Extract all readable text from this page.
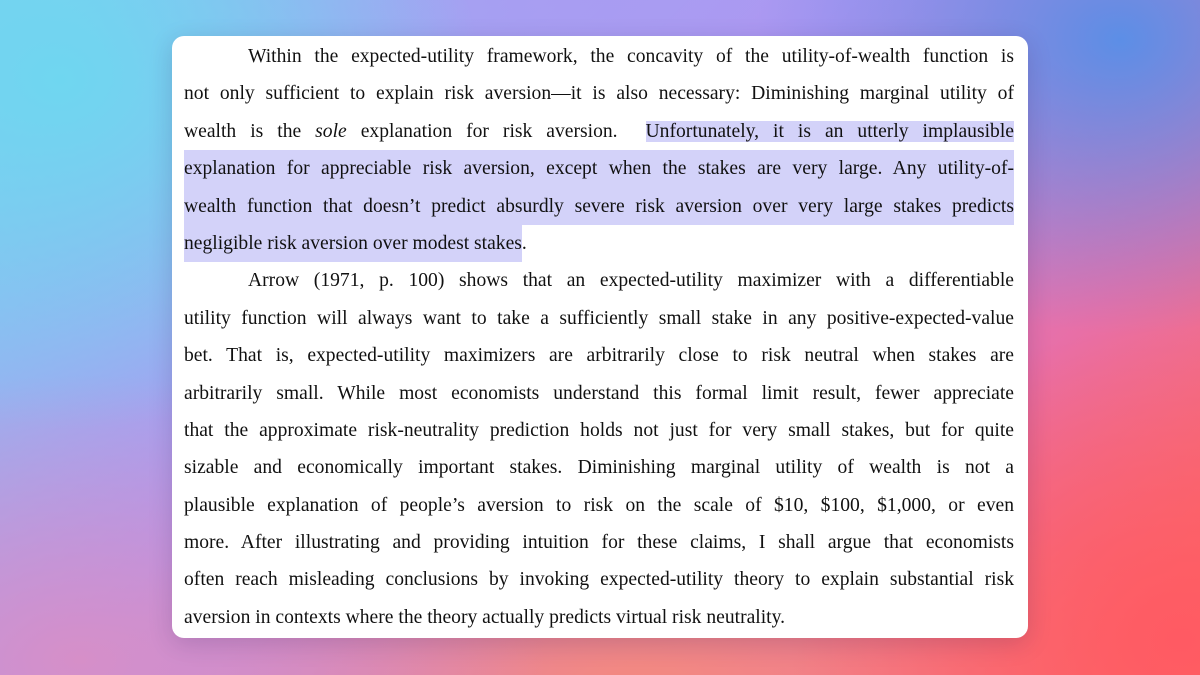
Within the expected-utility framework, the concavity of the utility-of-wealth function is
not only sufficient to explain risk aversion—it is also necessary: Diminishing marginal utility of
wealth is the sole explanation for risk aversion.  Unfortunately, it is an utterly implausible
explanation for appreciable risk aversion, except when the stakes are very large. Any utility-of-
wealth function that doesn’t predict absurdly severe risk aversion over very large stakes predicts
negligible risk aversion over modest stakes .
Arrow (1971, p. 100) shows that an expected-utility maximizer with a differentiable
utility function will always want to take a sufficiently small stake in any positive-expected-value
bet. That is, expected-utility maximizers are arbitrarily close to risk neutral when stakes are
arbitrarily small. While most economists understand this formal limit result, fewer appreciate
that the approximate risk-neutrality prediction holds not just for very small stakes, but for quite
sizable and economically important stakes. Diminishing marginal utility of wealth is not a
plausible explanation of people’s aversion to risk on the scale of $10, $100, $1,000, or even
more. After illustrating and providing intuition for these claims, I shall argue that economists
often reach misleading conclusions by invoking expected-utility theory to explain substantial risk
aversion in contexts where the theory actually predicts virtual risk neutrality.
